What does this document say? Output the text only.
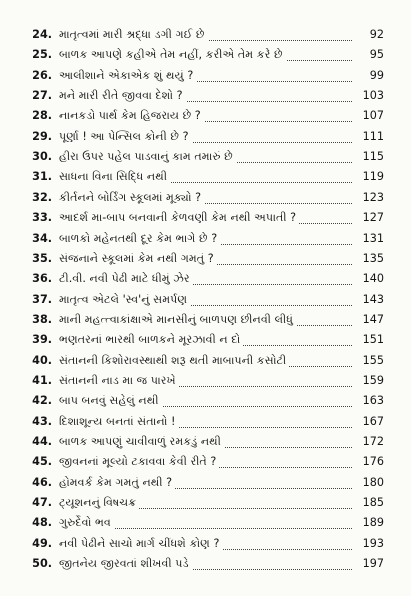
24. માતૃત્વમાં મારી શ્રદ્ધા ડગી ગઈ છે	92
25. બાળક આપણે કહીએ તેમ નહીં, કરીએ તેમ કરે છે	95
26. આલીશાને એકાએક શું થયું ?	99
27. મને મારી રીતે જીવવા દેશો ?	103
28. નાનકડો પાર્થ કેમ હિજરાય છે ?	107
29. પૂર્ણા ! આ પેન્સિલ કોની છે ?	111
30. હીરા ઉપર પહેલ પાડવાનું કામ તમારું છે	115
31. સાધના વિના સિદ્ધિ નથી	119
32. કીર્તનને બોર્ડિંગ સ્કૂલમાં મૂક્યો ?	123
33. આદર્શ મા-બાપ બનવાની કેળવણી કેમ નથી અપાતી ?	127
34. બાળકો મહેનતથી દૂર કેમ ભાગે છે ?	131
35. સંજનાને સ્કૂલમાં કેમ નથી ગમતું ?	135
36. ટી.વી. નવી પેઢી માટે ધીમું ઝેર	140
37. માતૃત્વ એટલે 'સ્વ'નું સમર્પણ	143
38. માની મહત્ત્વાકાંક્ષાએ માનસીનું બાળપણ છીનવી લીધું	147
39. ભણતરનાં ભારથી બાળકને મૂરઝાવી ન દો	151
40. સંતાનની કિશોરાવસ્થાથી શરૂ થતી માબાપની કસોટી	155
41. સંતાનની નાડ મા જ પારખે	159
42. બાપ બનવું સહેલું નથી	163
43. દિશાશૂન્ય બનતાં સંતાનો !	167
44. બાળક આપણું ચાવીવાળું રમકડું નથી	172
45. જીવનનાં મૂલ્યો ટકાવવા કેવી રીતે ?	176
46. હોમવર્ક કેમ ગમતું નથી ?	180
47. ટ્યૂશનનું વિષચક્ર	185
48. ગુરુર્દેવો ભવ	189
49. નવી પેઢીને સાચો માર્ગ ચીંધશે કોણ ?	193
50. જીતનેય જીરવતાં શીખવી પડે	197
